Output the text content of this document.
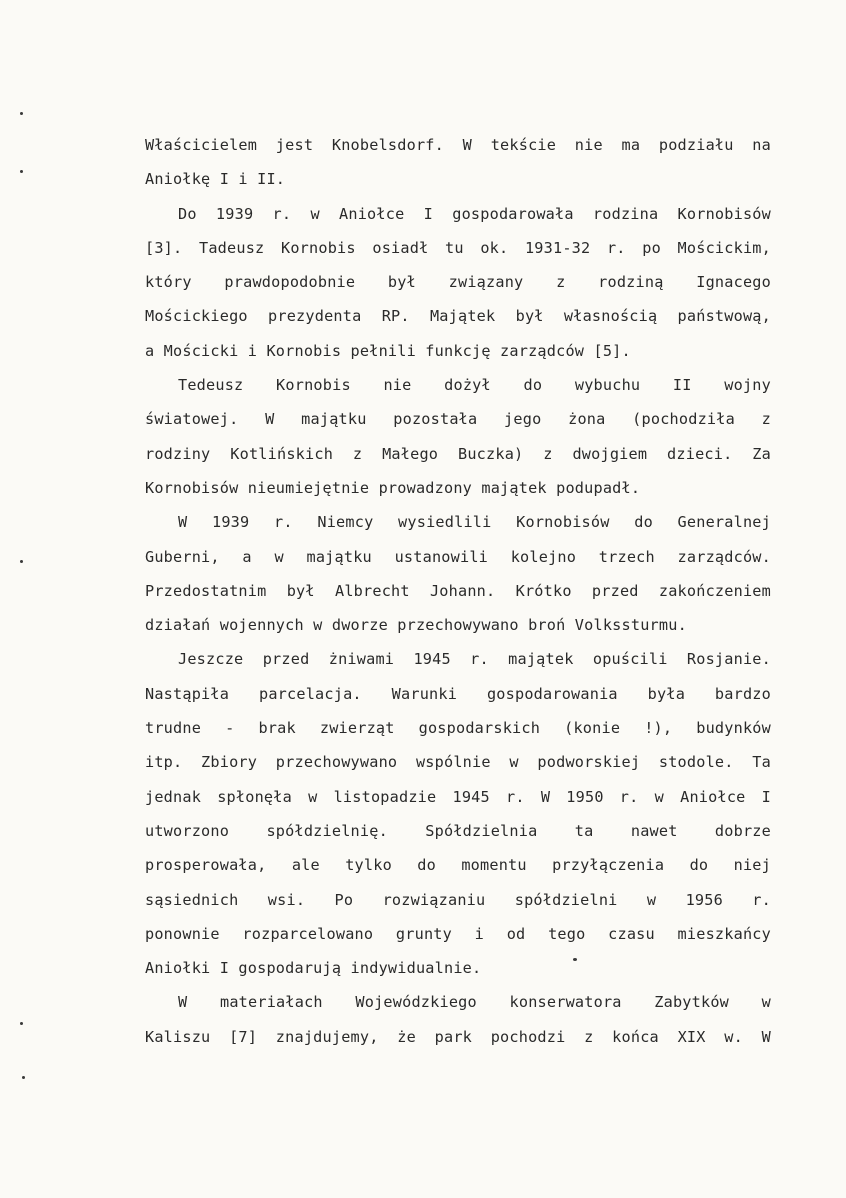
Właścicielem jest Knobelsdorf. W tekście nie ma podziału na
Aniołkę I i II.
Do 1939 r. w Aniołce I gospodarowała rodzina Kornobisów
[3]. Tadeusz Kornobis osiadł tu ok. 1931-32 r. po Mościckim,
który prawdopodobnie był związany z rodziną Ignacego
Mościckiego prezydenta RP. Majątek był własnością państwową,
a Mościcki i Kornobis pełnili funkcję zarządców [5].
Tedeusz Kornobis nie dożył do wybuchu II wojny
światowej. W majątku pozostała jego żona (pochodziła z
rodziny Kotlińskich z Małego Buczka) z dwojgiem dzieci. Za
Kornobisów nieumiejętnie prowadzony majątek podupadł.
W 1939 r. Niemcy wysiedlili Kornobisów do Generalnej
Guberni, a w majątku ustanowili kolejno trzech zarządców.
Przedostatnim był Albrecht Johann. Krótko przed zakończeniem
działań wojennych w dworze przechowywano broń Volkssturmu.
Jeszcze przed żniwami 1945 r. majątek opuścili Rosjanie.
Nastąpiła parcelacja. Warunki gospodarowania była bardzo
trudne - brak zwierząt gospodarskich (konie !), budynków
itp. Zbiory przechowywano wspólnie w podworskiej stodole. Ta
jednak spłonęła w listopadzie 1945 r. W 1950 r. w Aniołce I
utworzono spółdzielnię. Spółdzielnia ta nawet dobrze
prosperowała, ale tylko do momentu przyłączenia do niej
sąsiednich wsi. Po rozwiązaniu spółdzielni w 1956 r.
ponownie rozparcelowano grunty i od tego czasu mieszkańcy
Aniołki I gospodarują indywidualnie.
W materiałach Wojewódzkiego konserwatora Zabytków w
Kaliszu [7] znajdujemy, że park pochodzi z końca XIX w. W
